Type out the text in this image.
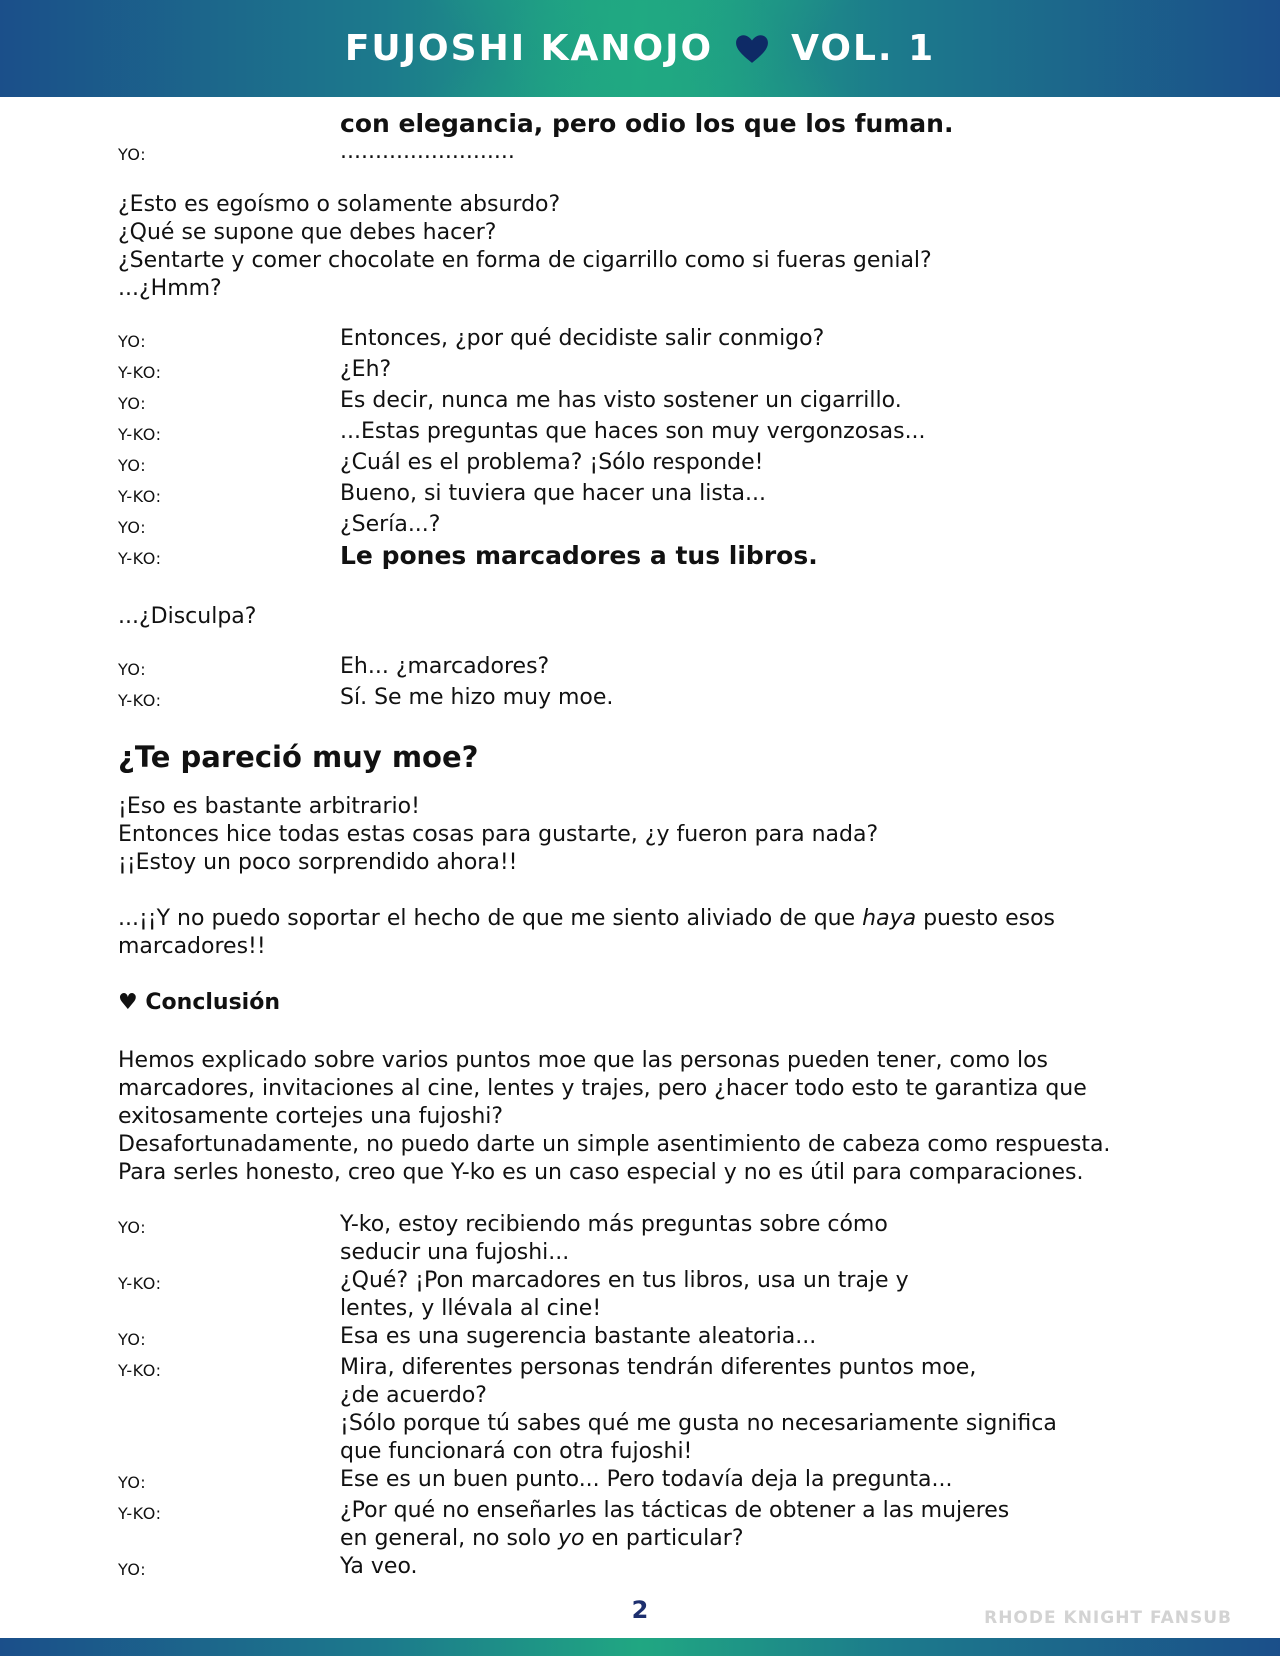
FUJOSHI KANOJO VOL. 1
con elegancia, pero odio los que los fuman.
YO:	.........................
¿Esto es egoísmo o solamente absurdo?
¿Qué se supone que debes hacer?
¿Sentarte y comer chocolate en forma de cigarrillo como si fueras genial?
...¿Hmm?
YO:	Entonces, ¿por qué decidiste salir conmigo?
Y-KO:	¿Eh?
YO:	Es decir, nunca me has visto sostener un cigarrillo.
Y-KO:	...Estas preguntas que haces son muy vergonzosas...
YO:	¿Cuál es el problema? ¡Sólo responde!
Y-KO:	Bueno, si tuviera que hacer una lista...
YO:	¿Sería...?
Y-KO:	Le pones marcadores a tus libros.
...¿Disculpa?
YO:	Eh... ¿marcadores?
Y-KO:	Sí. Se me hizo muy moe.
¿Te pareció muy moe?
¡Eso es bastante arbitrario!
Entonces hice todas estas cosas para gustarte, ¿y fueron para nada?
¡¡Estoy un poco sorprendido ahora!!
...¡¡Y no puedo soportar el hecho de que me siento aliviado de que haya puesto esos marcadores!!
♥ Conclusión
Hemos explicado sobre varios puntos moe que las personas pueden tener, como los marcadores, invitaciones al cine, lentes y trajes, pero ¿hacer todo esto te garantiza que exitosamente cortejes una fujoshi?
Desafortunadamente, no puedo darte un simple asentimiento de cabeza como respuesta.
Para serles honesto, creo que Y-ko es un caso especial y no es útil para comparaciones.
YO:	Y-ko, estoy recibiendo más preguntas sobre cómo seducir una fujoshi...
Y-KO:	¿Qué? ¡Pon marcadores en tus libros, usa un traje y lentes, y llévala al cine!
YO:	Esa es una sugerencia bastante aleatoria...
Y-KO:	Mira, diferentes personas tendrán diferentes puntos moe, ¿de acuerdo?
¡Sólo porque tú sabes qué me gusta no necesariamente significa que funcionará con otra fujoshi!
YO:	Ese es un buen punto... Pero todavía deja la pregunta...
Y-KO:	¿Por qué no enseñarles las tácticas de obtener a las mujeres en general, no solo yo en particular?
YO:	Ya veo.
2	RHODE KNIGHT FANSUB
